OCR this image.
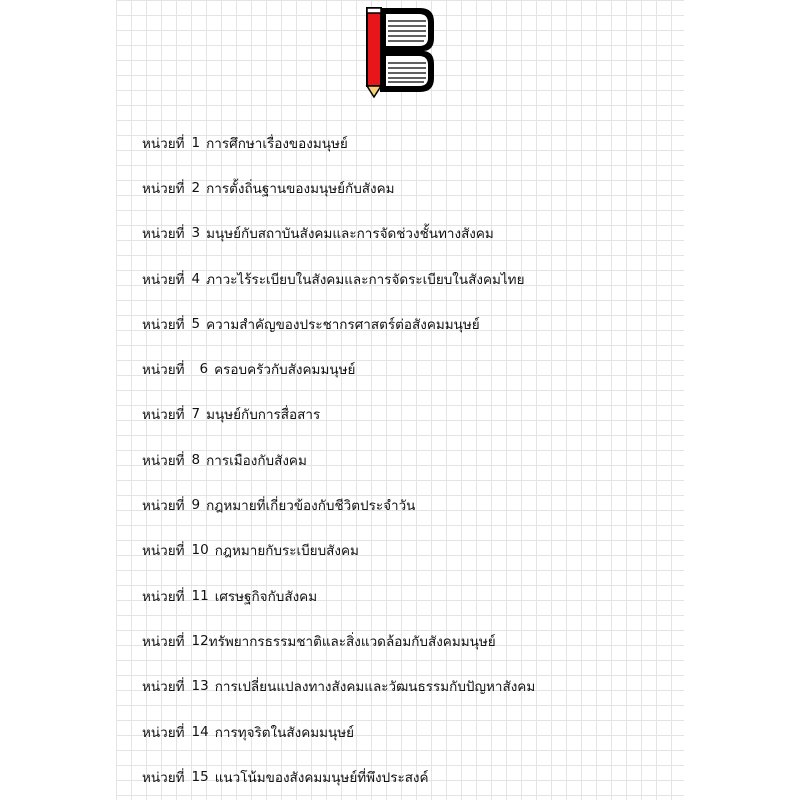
หน่วยที่ 1 การศึกษาเรื่องของมนุษย์
หน่วยที่ 2 การตั้งถิ่นฐานของมนุษย์กับสังคม
หน่วยที่ 3 มนุษย์กับสถาบันสังคมและการจัดช่วงชั้นทางสังคม
หน่วยที่ 4 ภาวะไร้ระเบียบในสังคมและการจัดระเบียบในสังคมไทย
หน่วยที่ 5 ความสำคัญของประชากรศาสตร์ต่อสังคมมนุษย์
หน่วยที่ 6 ครอบครัวกับสังคมมนุษย์
หน่วยที่ 7 มนุษย์กับการสื่อสาร
หน่วยที่ 8 การเมืองกับสังคม
หน่วยที่ 9 กฎหมายที่เกี่ยวข้องกับชีวิตประจำวัน
หน่วยที่ 10 กฎหมายกับระเบียบสังคม
หน่วยที่ 11 เศรษฐกิจกับสังคม
หน่วยที่ 12 ทรัพยากรธรรมชาติและสิ่งแวดล้อมกับสังคมมนุษย์
หน่วยที่ 13 การเปลี่ยนแปลงทางสังคมและวัฒนธรรมกับปัญหาสังคม
หน่วยที่ 14 การทุจริตในสังคมมนุษย์
หน่วยที่ 15 แนวโน้มของสังคมมนุษย์ที่พึงประสงค์
